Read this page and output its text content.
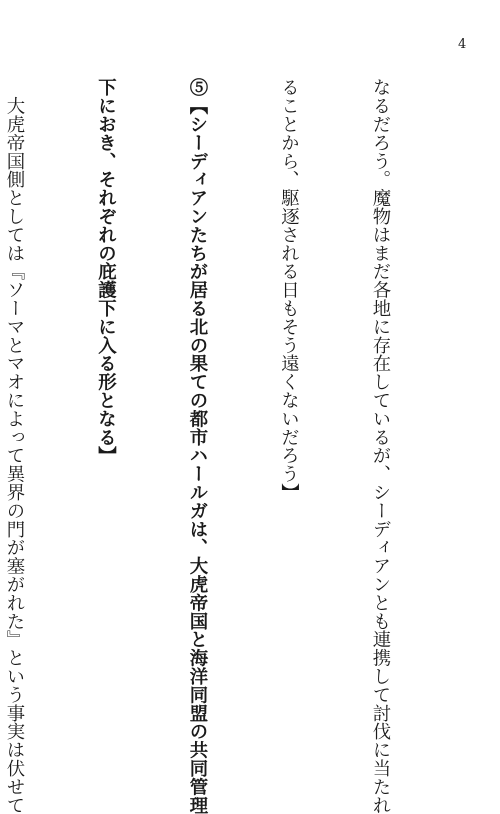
4

なるだろう。魔物はまだ各地に存在しているが、シーディアンとも連携して討伐に当たれ

ることから、駆逐される日もそう遠くないだろう】

⑤【シーディアンたちが居る北の果ての都市ハールガは、大虎帝国と海洋同盟の共同管理

下におき、それぞれの庇護下に入る形となる】

　大虎帝国側としては『ソーマとマオによって異界の門が塞がれた』という事実は伏せて
